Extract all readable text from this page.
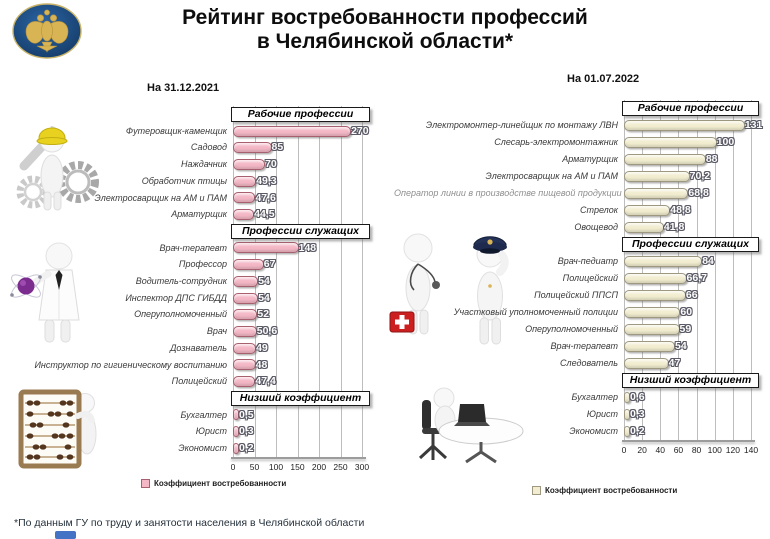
Рейтинг востребованности профессий
в Челябинской области*
На 31.12.2021
На 01.07.2022
Рабочие профессии
Футеровщик-каменщик	270
Садовод	85
Наждачник	70
Обработчик птицы	49,3
Электросварщик на АМ и ПАМ	47,6
Арматурщик	44,5
Профессии служащих
Врач-терапевт	148
Профессор	67
Водитель-сотрудник	54
Инспектор ДПС ГИБДД	54
Оперуполномоченный	52
Врач	50,6
Дознаватель	49
Инструктор по гигиеническому воспитанию	48
Полицейский	47,4
Низший коэффициент
Бухгалтер 0,5
Юрист 0,3
Экономист 0,2
0	50	100 150 200 250 300
Рабочие профессии
Электромонтер-линейщик по монтажу ЛВН	131
Слесарь-электромонтажник	100
Арматурщик	88
Электросварщик на АМ и ПАМ	70,2
Оператор линии в производстве пищевой продукции	68,8
Стрелок	48,8
Овощевод	41,8
Профессии служащих
Врач-педиатр	84
Полицейский	66,7
Полицейский ППСП	66
Участковый уполномоченный полиции	60
Оперуполномоченный	59
Врач-терапевт	54
Следователь	47
Низший коэффициент
Бухгалтер 0,6
Юрист 0,3
Экономист 0,2
0	20	40	60	80 100 120 140
Коэффициент востребованности
Коэффициент востребованности
*По данным ГУ по труду и занятости населения в Челябинской области
